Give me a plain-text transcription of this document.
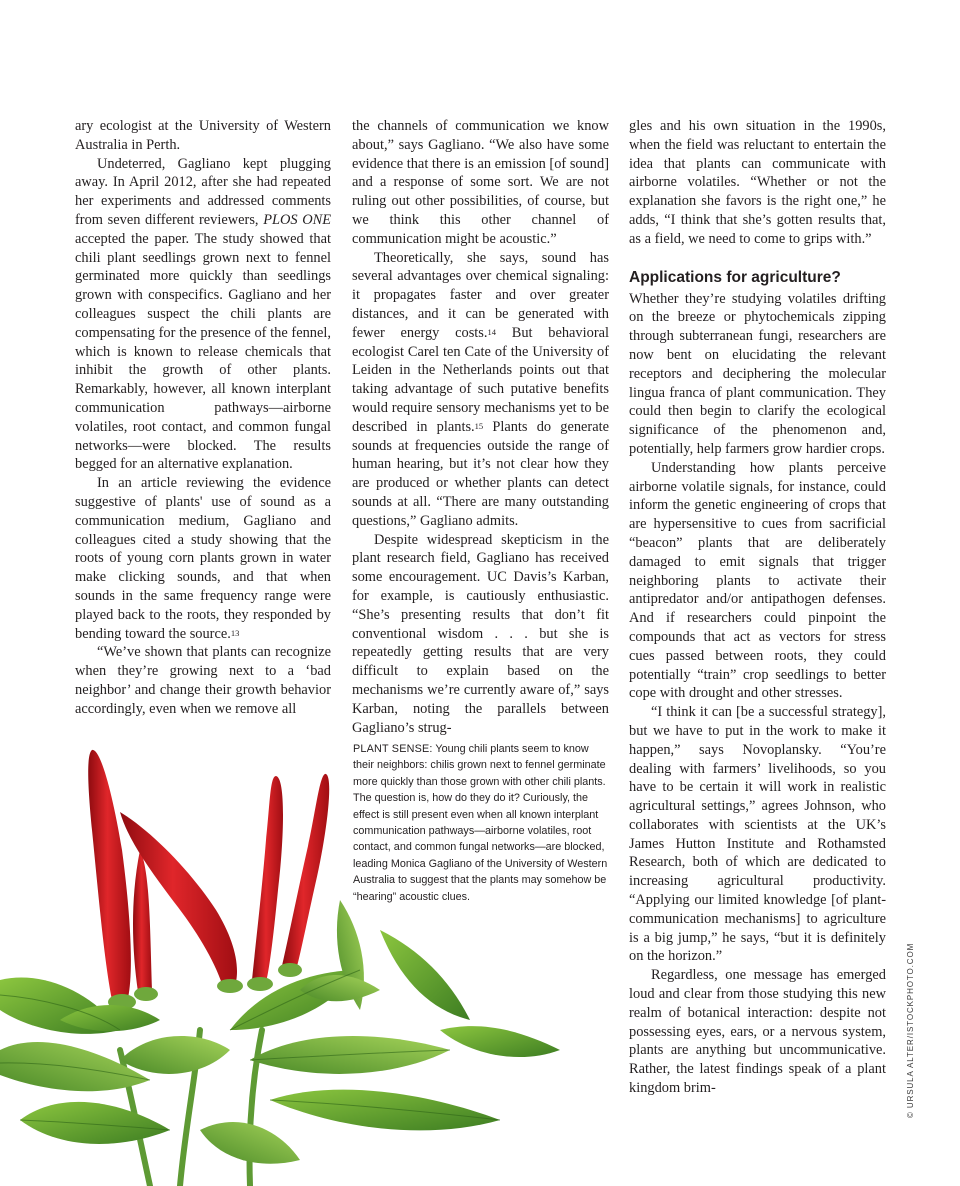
ary ecologist at the University of Western Australia in Perth.

Undeterred, Gagliano kept plugging away. In April 2012, after she had repeated her experiments and addressed comments from seven different reviewers, PLOS ONE accepted the paper. The study showed that chili plant seedlings grown next to fennel germinated more quickly than seedlings grown with conspecifics. Gagliano and her colleagues suspect the chili plants are compensating for the presence of the fennel, which is known to release chemicals that inhibit the growth of other plants. Remarkably, however, all known interplant communication pathways—airborne volatiles, root contact, and common fungal networks—were blocked. The results begged for an alternative explanation.

In an article reviewing the evidence suggestive of plants' use of sound as a communication medium, Gagliano and colleagues cited a study showing that the roots of young corn plants grown in water make clicking sounds, and that when sounds in the same frequency range were played back to the roots, they responded by bending toward the source.$^{13}$

“We’ve shown that plants can recognize when they’re growing next to a ‘bad neighbor’ and change their growth behavior accordingly, even when we remove all

the channels of communication we know about,” says Gagliano. “We also have some evidence that there is an emission [of sound] and a response of some sort. We are not ruling out other possibilities, of course, but we think this other channel of communication might be acoustic.”

Theoretically, she says, sound has several advantages over chemical signaling: it propagates faster and over greater distances, and it can be generated with fewer energy costs.$^{14}$ But behavioral ecologist Carel ten Cate of the University of Leiden in the Netherlands points out that taking advantage of such putative benefits would require sensory mechanisms yet to be described in plants.$^{15}$ Plants do generate sounds at frequencies outside the range of human hearing, but it’s not clear how they are produced or whether plants can detect sounds at all. “There are many outstanding questions,” Gagliano admits.

Despite widespread skepticism in the plant research field, Gagliano has received some encouragement. UC Davis’s Karban, for example, is cautiously enthusiastic. “She’s presenting results that don’t fit conventional wisdom . . . but she is repeatedly getting results that are very difficult to explain based on the mechanisms we’re currently aware of,” says Karban, noting the parallels between Gagliano’s strug-

gles and his own situation in the 1990s, when the field was reluctant to entertain the idea that plants can communicate with airborne volatiles. “Whether or not the explanation she favors is the right one,” he adds, “I think that she’s gotten results that, as a field, we need to come to grips with.”

Applications for agriculture?

Whether they’re studying volatiles drifting on the breeze or phytochemicals zipping through subterranean fungi, researchers are now bent on elucidating the relevant receptors and deciphering the molecular lingua franca of plant communication. They could then begin to clarify the ecological significance of the phenomenon and, potentially, help farmers grow hardier crops.

Understanding how plants perceive airborne volatile signals, for instance, could inform the genetic engineering of crops that are hypersensitive to cues from sacrificial “beacon” plants that are deliberately damaged to emit signals that trigger neighboring plants to activate their antipredator and/or antipathogen defenses. And if researchers could pinpoint the compounds that act as vectors for stress cues passed between roots, they could potentially “train” crop seedlings to better cope with drought and other stresses.

“I think it can [be a successful strategy], but we have to put in the work to make it happen,” says Novoplansky. “You’re dealing with farmers’ livelihoods, so you have to be certain it will work in realistic agricultural settings,” agrees Johnson, who collaborates with scientists at the UK’s James Hutton Institute and Rothamsted Research, both of which are dedicated to increasing agricultural productivity. “Applying our limited knowledge [of plant-communication mechanisms] to agriculture is a big jump,” he says, “but it is definitely on the horizon.”

Regardless, one message has emerged loud and clear from those studying this new realm of botanical interaction: despite not possessing eyes, ears, or a nervous system, plants are anything but uncommunicative. Rather, the latest findings speak of a plant kingdom brim-

PLANT SENSE: Young chili plants seem to know their neighbors: chilis grown next to fennel germinate more quickly than those grown with other chili plants. The question is, how do they do it? Curiously, the effect is still present even when all known interplant communication pathways—airborne volatiles, root contact, and common fungal networks—are blocked, leading Monica Gagliano of the University of Western Australia to suggest that the plants may somehow be “hearing” acoustic clues.
© URSULA ALTER/ISTOCKPHOTO.COM
